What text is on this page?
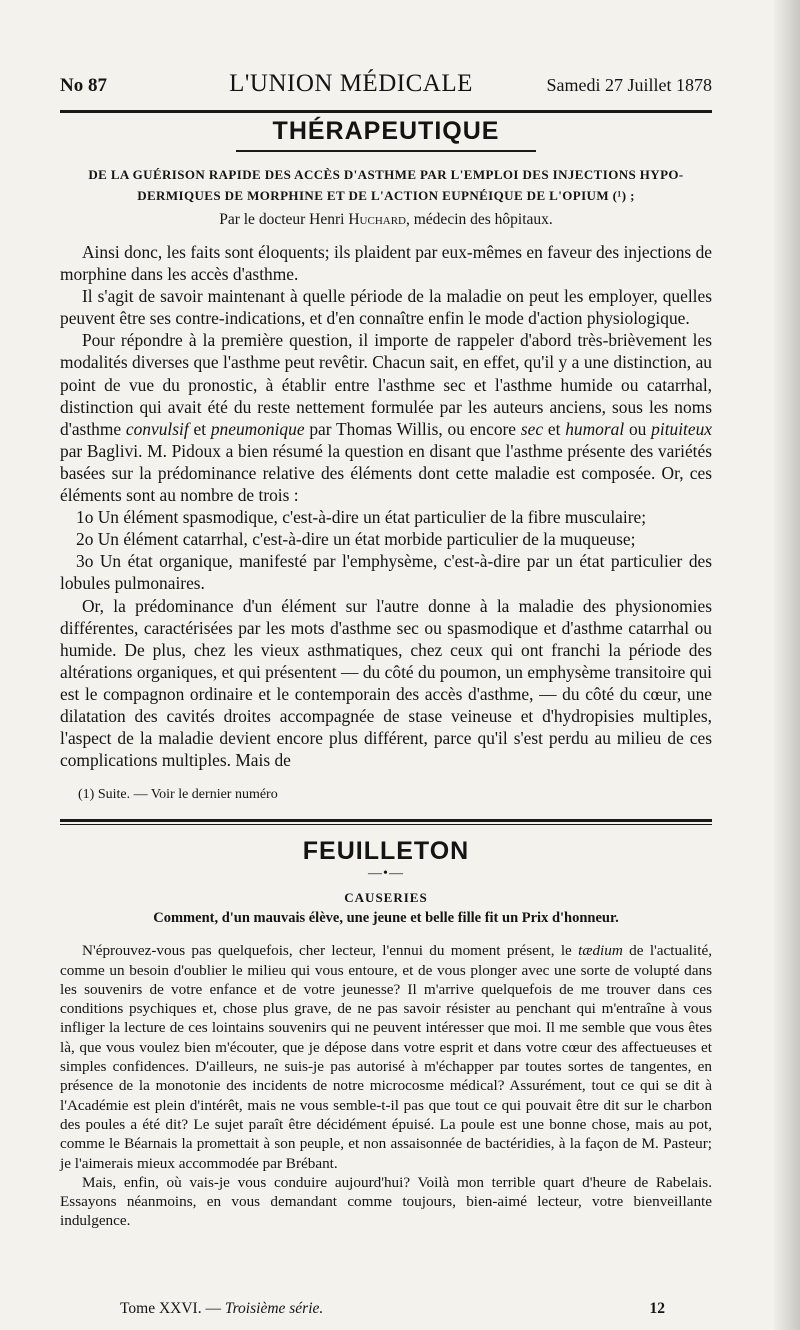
No 87	L'UNION MÉDICALE	Samedi 27 Juillet 1878
THÉRAPEUTIQUE
DE LA GUÉRISON RAPIDE DES ACCÈS D'ASTHME PAR L'EMPLOI DES INJECTIONS HYPO-
DERMIQUES DE MORPHINE ET DE L'ACTION EUPNÉIQUE DE L'OPIUM (¹) ;
Par le docteur Henri Huchard, médecin des hôpitaux.

Ainsi donc, les faits sont éloquents; ils plaident par eux-mêmes en faveur des injections de morphine dans les accès d'asthme.

Il s'agit de savoir maintenant à quelle période de la maladie on peut les employer, quelles peuvent être ses contre-indications, et d'en connaître enfin le mode d'action physiologique.

Pour répondre à la première question, il importe de rappeler d'abord très-brièvement les modalités diverses que l'asthme peut revêtir. Chacun sait, en effet, qu'il y a une distinction, au point de vue du pronostic, à établir entre l'asthme sec et l'asthme humide ou catarrhal, distinction qui avait été du reste nettement formulée par les auteurs anciens, sous les noms d'asthme convulsif et pneumonique par Thomas Willis, ou encore sec et humoral ou pituiteux par Baglivi. M. Pidoux a bien résumé la question en disant que l'asthme présente des variétés basées sur la prédominance relative des éléments dont cette maladie est composée. Or, ces éléments sont au nombre de trois :

1o Un élément spasmodique, c'est-à-dire un état particulier de la fibre musculaire;

2o Un élément catarrhal, c'est-à-dire un état morbide particulier de la muqueuse;

3o Un état organique, manifesté par l'emphysème, c'est-à-dire par un état particulier des lobules pulmonaires.

Or, la prédominance d'un élément sur l'autre donne à la maladie des physionomies différentes, caractérisées par les mots d'asthme sec ou spasmodique et d'asthme catarrhal ou humide. De plus, chez les vieux asthmatiques, chez ceux qui ont franchi la période des altérations organiques, et qui présentent — du côté du poumon, un emphysème transitoire qui est le compagnon ordinaire et le contemporain des accès d'asthme, — du côté du cœur, une dilatation des cavités droites accompagnée de stase veineuse et d'hydropisies multiples, l'aspect de la maladie devient encore plus différent, parce qu'il s'est perdu au milieu de ces complications multiples. Mais de

(1) Suite. — Voir le dernier numéro
FEUILLETON
—•—
CAUSERIES
Comment, d'un mauvais élève, une jeune et belle fille fit un Prix d'honneur.

N'éprouvez-vous pas quelquefois, cher lecteur, l'ennui du moment présent, le tædium de l'actualité, comme un besoin d'oublier le milieu qui vous entoure, et de vous plonger avec une sorte de volupté dans les souvenirs de votre enfance et de votre jeunesse? Il m'arrive quelquefois de me trouver dans ces conditions psychiques et, chose plus grave, de ne pas savoir résister au penchant qui m'entraîne à vous infliger la lecture de ces lointains souvenirs qui ne peuvent intéresser que moi. Il me semble que vous êtes là, que vous voulez bien m'écouter, que je dépose dans votre esprit et dans votre cœur des affectueuses et simples confidences. D'ailleurs, ne suis-je pas autorisé à m'échapper par toutes sortes de tangentes, en présence de la monotonie des incidents de notre microcosme médical? Assurément, tout ce qui se dit à l'Académie est plein d'intérêt, mais ne vous semble-t-il pas que tout ce qui pouvait être dit sur le charbon des poules a été dit? Le sujet paraît être décidément épuisé. La poule est une bonne chose, mais au pot, comme le Béarnais la promettait à son peuple, et non assaisonnée de bactéridies, à la façon de M. Pasteur; je l'aimerais mieux accommodée par Brébant.

Mais, enfin, où vais-je vous conduire aujourd'hui? Voilà mon terrible quart d'heure de Rabelais. Essayons néanmoins, en vous demandant comme toujours, bien-aimé lecteur, votre bienveillante indulgence.

Tome XXVI. — Troisième série.	12
